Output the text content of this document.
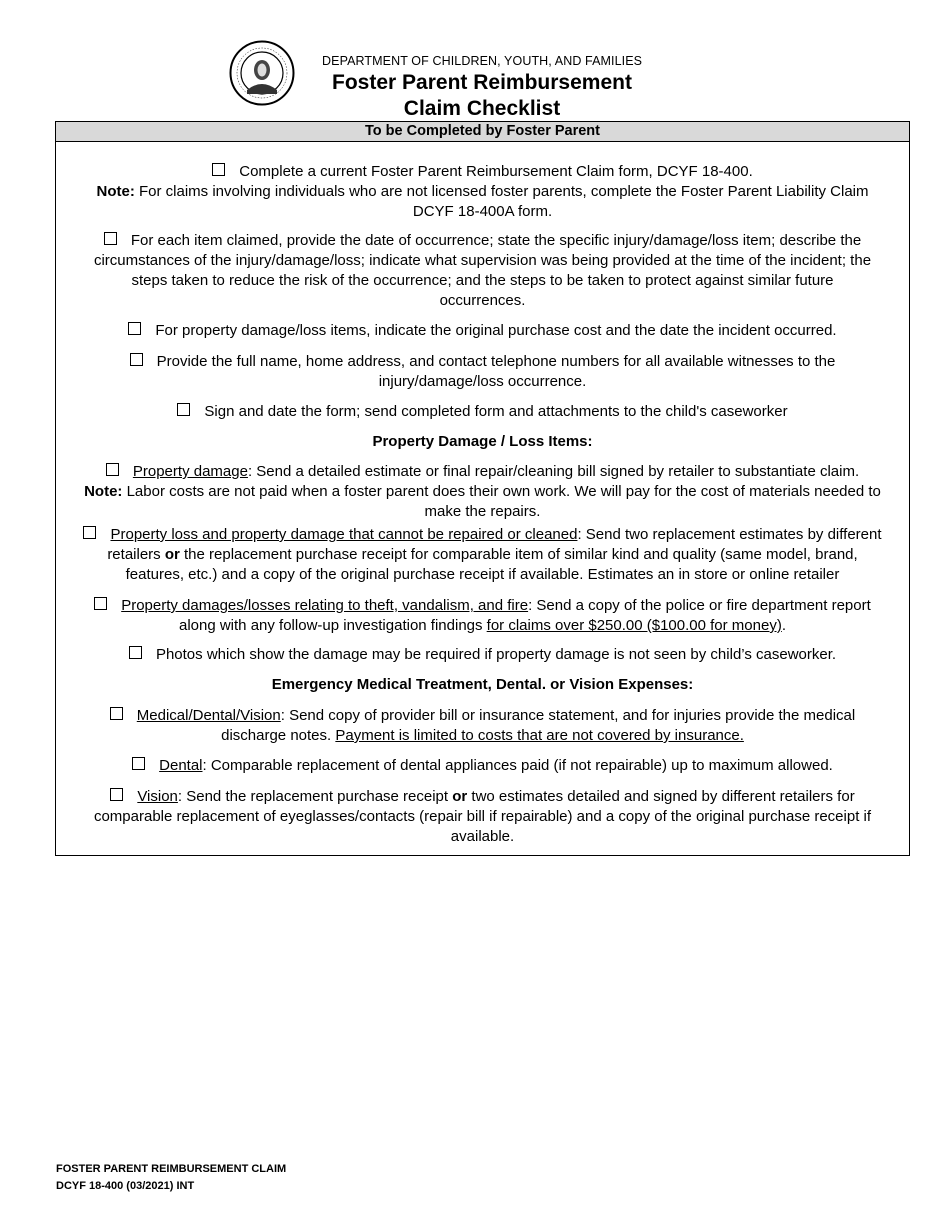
DEPARTMENT OF CHILDREN, YOUTH, AND FAMILIES
Foster Parent Reimbursement
Claim Checklist
To be Completed by Foster Parent
Complete a current Foster Parent Reimbursement Claim form, DCYF 18-400.
Note: For claims involving individuals who are not licensed foster parents, complete the Foster Parent Liability Claim
DCYF 18-400A form.
For each item claimed, provide the date of occurrence; state the specific injury/damage/loss item; describe the
circumstances of the injury/damage/loss; indicate what supervision was being provided at the time of the incident; the
steps taken to reduce the risk of the occurrence; and the steps to be taken to protect against similar future
occurrences.
For property damage/loss items, indicate the original purchase cost and the date the incident occurred.
Provide the full name, home address, and contact telephone numbers for all available witnesses to the
injury/damage/loss occurrence.
Sign and date the form; send completed form and attachments to the child's caseworker
Property Damage / Loss Items:
Property damage: Send a detailed estimate or final repair/cleaning bill signed by retailer to substantiate claim.
Note: Labor costs are not paid when a foster parent does their own work. We will pay for the cost of materials needed to
make the repairs.
Property loss and property damage that cannot be repaired or cleaned: Send two replacement estimates by different
retailers or the replacement purchase receipt for comparable item of similar kind and quality (same model, brand,
features, etc.) and a copy of the original purchase receipt if available. Estimates an in store or online retailer
Property damages/losses relating to theft, vandalism, and fire: Send a copy of the police or fire department report
along with any follow-up investigation findings for claims over $250.00 ($100.00 for money).
Photos which show the damage may be required if property damage is not seen by child’s caseworker.
Emergency Medical Treatment, Dental. or Vision Expenses:
Medical/Dental/Vision: Send copy of provider bill or insurance statement, and for injuries provide the medical
discharge notes. Payment is limited to costs that are not covered by insurance.
Dental: Comparable replacement of dental appliances paid (if not repairable) up to maximum allowed.
Vision: Send the replacement purchase receipt or two estimates detailed and signed by different retailers for
comparable replacement of eyeglasses/contacts (repair bill if repairable) and a copy of the original purchase receipt if
available.
FOSTER PARENT REIMBURSEMENT CLAIM
DCYF 18-400 (03/2021) INT
